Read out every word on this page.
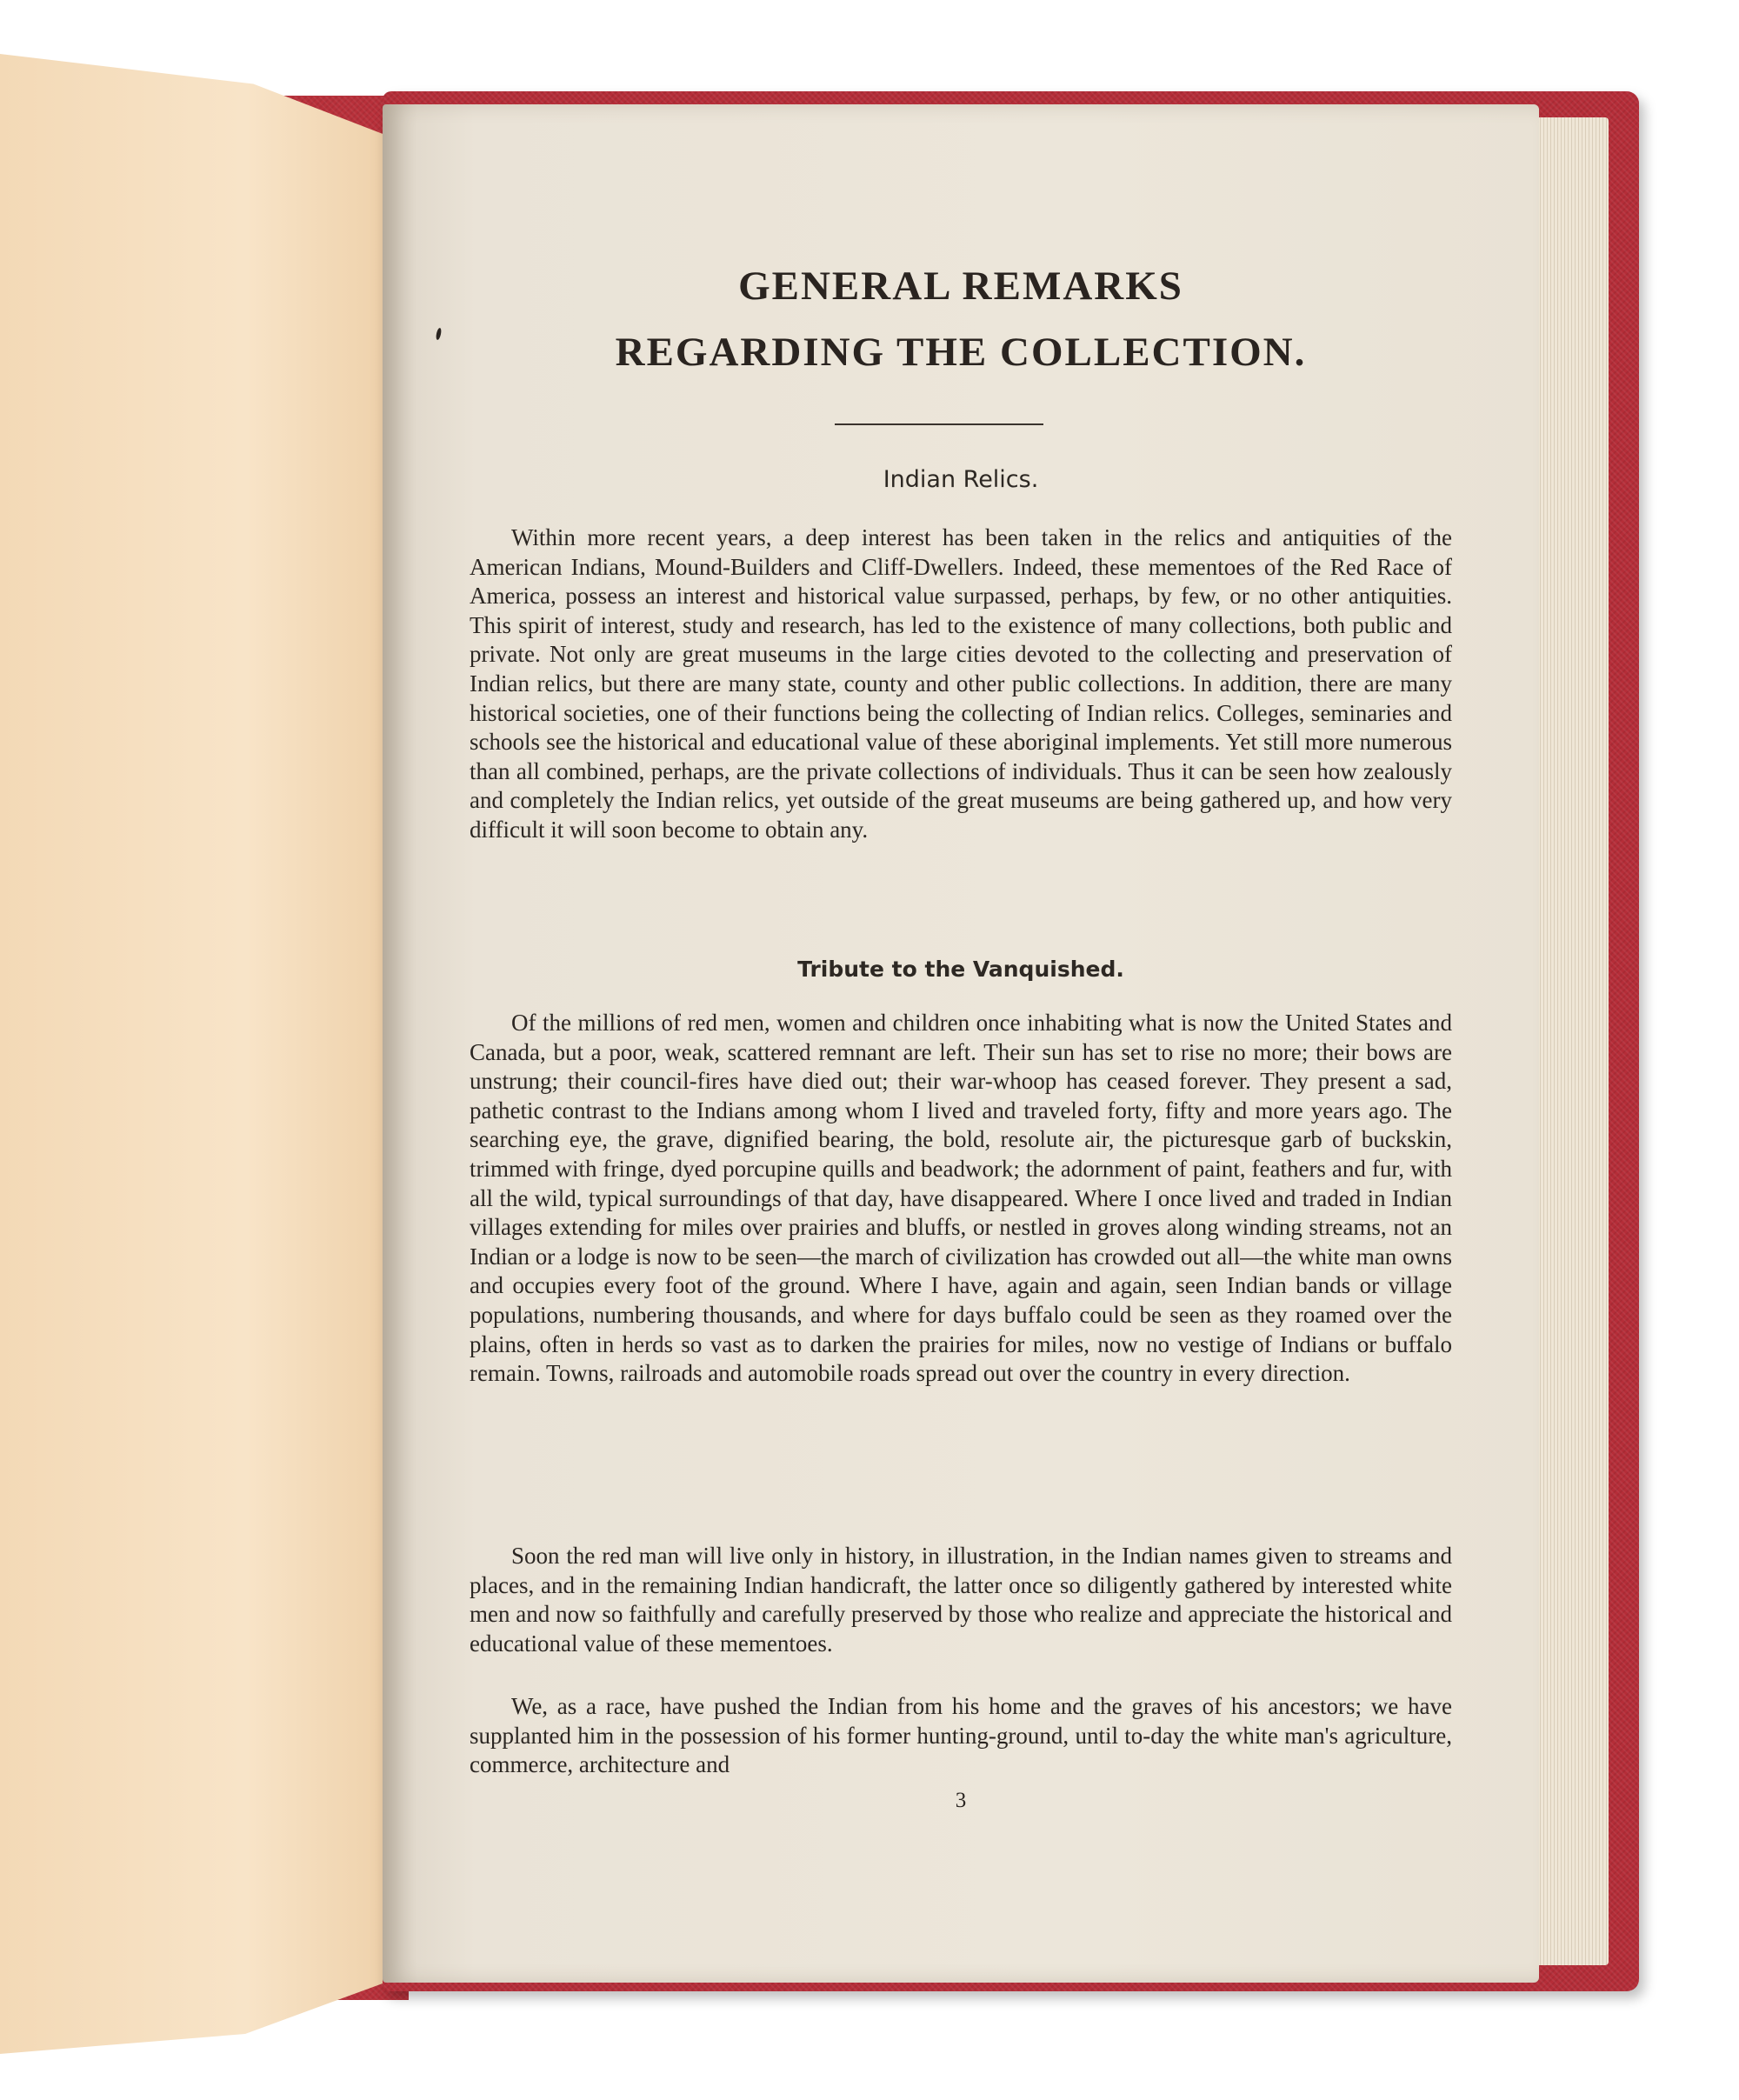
GENERAL REMARKS
REGARDING THE COLLECTION.
Indian Relics.

Within more recent years, a deep interest has been taken in the relics and antiquities of the American Indians, Mound-Builders and Cliff-Dwellers. Indeed, these mementoes of the Red Race of America, possess an interest and historical value surpassed, perhaps, by few, or no other antiquities. This spirit of interest, study and research, has led to the existence of many collections, both public and private. Not only are great museums in the large cities devoted to the collecting and preservation of Indian relics, but there are many state, county and other public collections. In addition, there are many historical societies, one of their functions being the collecting of Indian relics. Colleges, seminaries and schools see the historical and educational value of these aboriginal implements. Yet still more numerous than all combined, perhaps, are the private collections of individuals. Thus it can be seen how zealously and completely the Indian relics, yet outside of the great museums are being gathered up, and how very difficult it will soon become to obtain any.

Tribute to the Vanquished.

Of the millions of red men, women and children once inhabiting what is now the United States and Canada, but a poor, weak, scattered remnant are left. Their sun has set to rise no more; their bows are unstrung; their council-fires have died out; their war-whoop has ceased forever. They present a sad, pathetic contrast to the Indians among whom I lived and traveled forty, fifty and more years ago. The searching eye, the grave, dignified bearing, the bold, resolute air, the picturesque garb of buckskin, trimmed with fringe, dyed porcupine quills and beadwork; the adornment of paint, feathers and fur, with all the wild, typical surroundings of that day, have disappeared. Where I once lived and traded in Indian villages extending for miles over prairies and bluffs, or nestled in groves along winding streams, not an Indian or a lodge is now to be seen—the march of civilization has crowded out all—the white man owns and occupies every foot of the ground. Where I have, again and again, seen Indian bands or village populations, numbering thousands, and where for days buffalo could be seen as they roamed over the plains, often in herds so vast as to darken the prairies for miles, now no vestige of Indians or buffalo remain. Towns, railroads and automobile roads spread out over the country in every direction.

Soon the red man will live only in history, in illustration, in the Indian names given to streams and places, and in the remaining Indian handicraft, the latter once so diligently gathered by interested white men and now so faithfully and carefully preserved by those who realize and appreciate the historical and educational value of these mementoes.

We, as a race, have pushed the Indian from his home and the graves of his ancestors; we have supplanted him in the possession of his former hunting-ground, until to-day the white man's agriculture, commerce, architecture and

3
